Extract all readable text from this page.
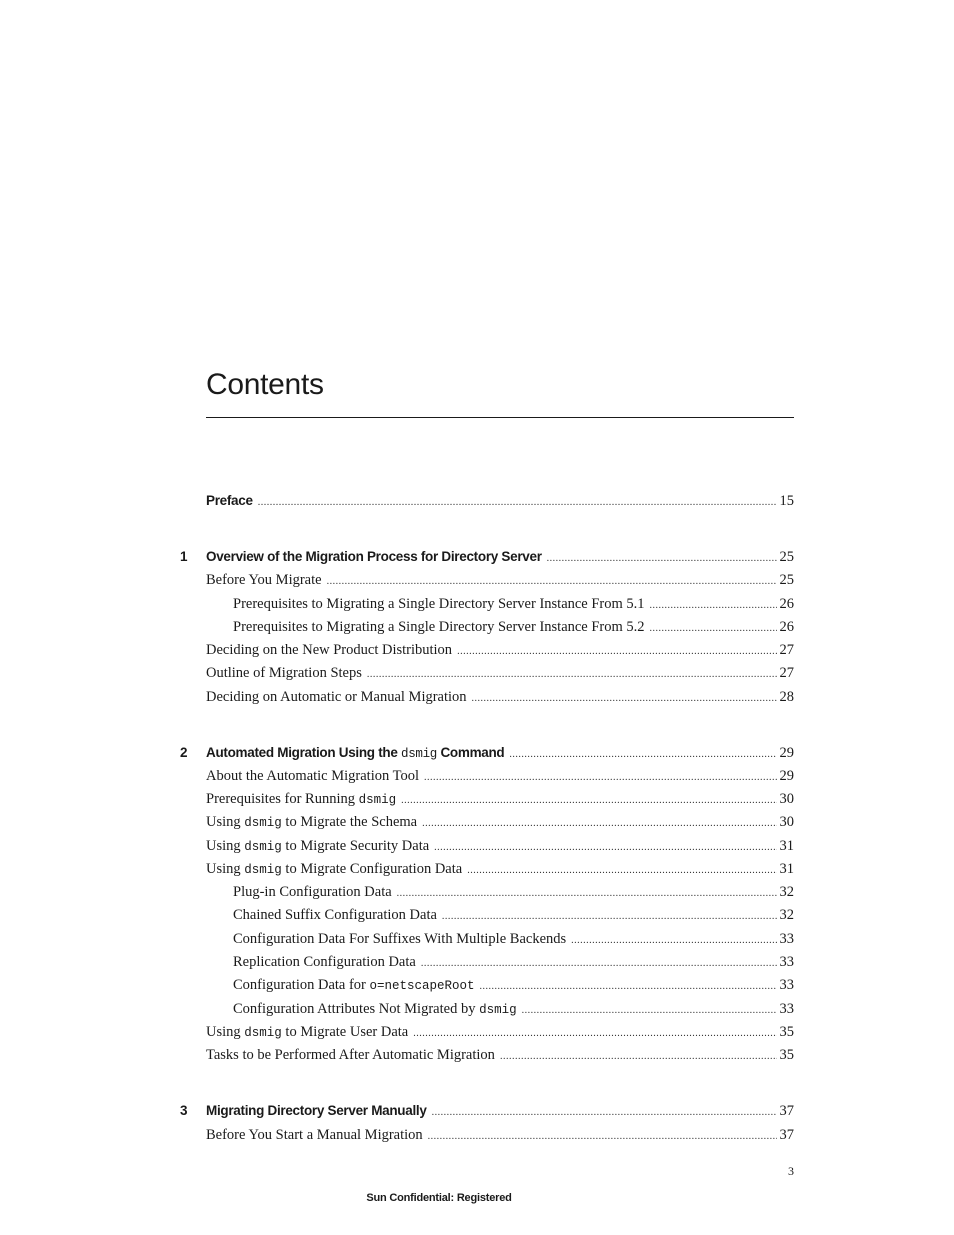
Contents
Preface .....	15
1 Overview of the Migration Process for Directory Server .....	25
Before You Migrate .....	25
Prerequisites to Migrating a Single Directory Server Instance From 5.1 .....	26
Prerequisites to Migrating a Single Directory Server Instance From 5.2 .....	26
Deciding on the New Product Distribution .....	27
Outline of Migration Steps .....	27
Deciding on Automatic or Manual Migration .....	28
2 Automated Migration Using the dsmig Command .....	29
About the Automatic Migration Tool .....	29
Prerequisites for Running dsmig .....	30
Using dsmig to Migrate the Schema .....	30
Using dsmig to Migrate Security Data .....	31
Using dsmig to Migrate Configuration Data .....	31
Plug-in Configuration Data .....	32
Chained Suffix Configuration Data .....	32
Configuration Data For Suffixes With Multiple Backends .....	33
Replication Configuration Data .....	33
Configuration Data for o=netscapeRoot .....	33
Configuration Attributes Not Migrated by dsmig .....	33
Using dsmig to Migrate User Data .....	35
Tasks to be Performed After Automatic Migration .....	35
3 Migrating Directory Server Manually .....	37
Before You Start a Manual Migration .....	37
3
Sun Confidential: Registered
